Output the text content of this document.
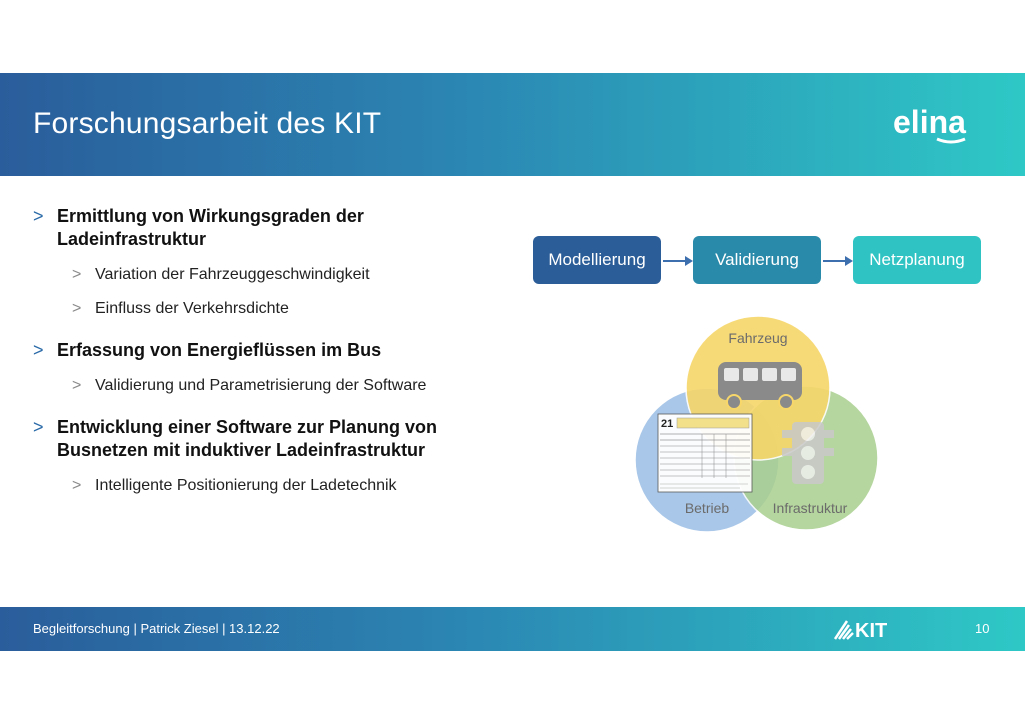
Forschungsarbeit des KIT	elina
> Ermittlung von Wirkungsgraden der Ladeinfrastruktur
> Variation der Fahrzeuggeschwindigkeit
> Einfluss der Verkehrsdichte
> Erfassung von Energieflüssen im Bus
> Validierung und Parametrisierung der Software
> Entwicklung einer Software zur Planung von Busnetzen mit induktiver Ladeinfrastruktur
> Intelligente Positionierung der Ladetechnik
Modellierung	Validierung	Netzplanung
21
Fahrzeug
Betrieb	Infrastruktur
Begleitforschung | Patrick Ziesel | 13.12.22	KIT	10
